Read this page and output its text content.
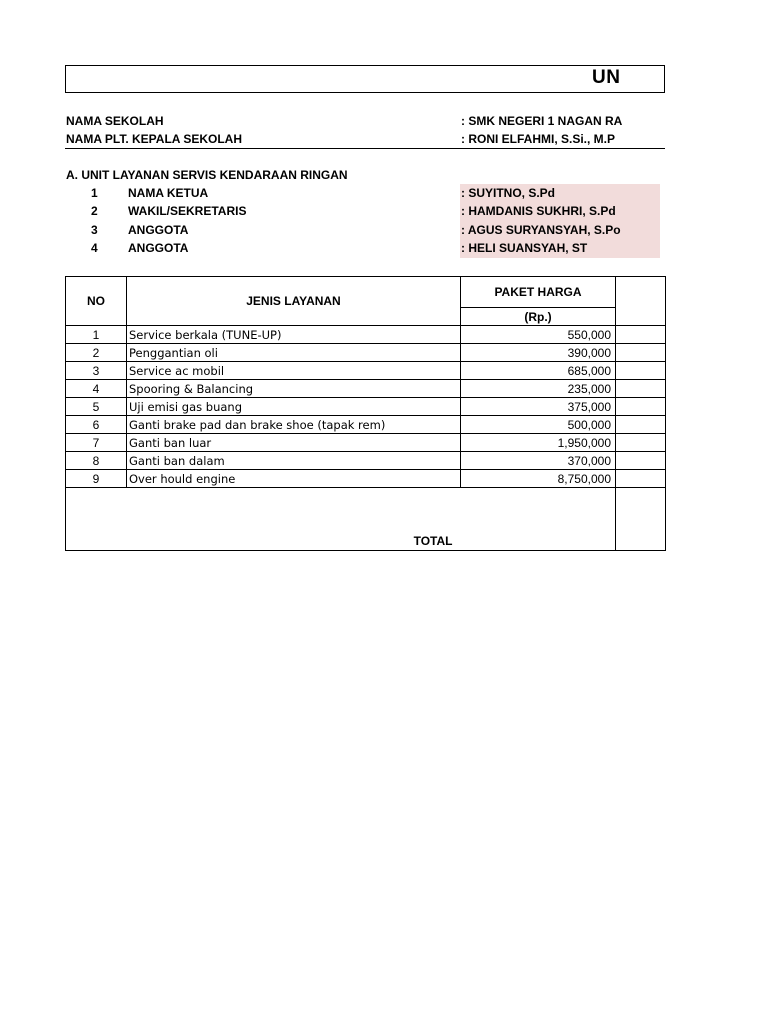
UN
NAMA SEKOLAH	: SMK NEGERI 1 NAGAN RA
NAMA PLT. KEPALA SEKOLAH	: RONI ELFAHMI, S.Si., M.P
A. UNIT LAYANAN SERVIS KENDARAAN RINGAN
1	NAMA KETUA	: SUYITNO, S.Pd
2	WAKIL/SEKRETARIS	: HAMDANIS SUKHRI, S.Pd
3	ANGGOTA	: AGUS SURYANSYAH, S.Po
4	ANGGOTA	: HELI SUANSYAH, ST
NO	JENIS LAYANAN	PAKET HARGA	
		(Rp.)	
1	Service berkala (TUNE-UP)	550,000	
2	Penggantian oli	390,000	
3	Service ac mobil	685,000	
4	Spooring & Balancing	235,000	
5	Uji emisi gas buang	375,000	
6	Ganti brake pad dan brake shoe (tapak rem)	500,000	
7	Ganti ban luar	1,950,000	
8	Ganti ban dalam	370,000	
9	Over hould engine	8,750,000	

TOTAL			
